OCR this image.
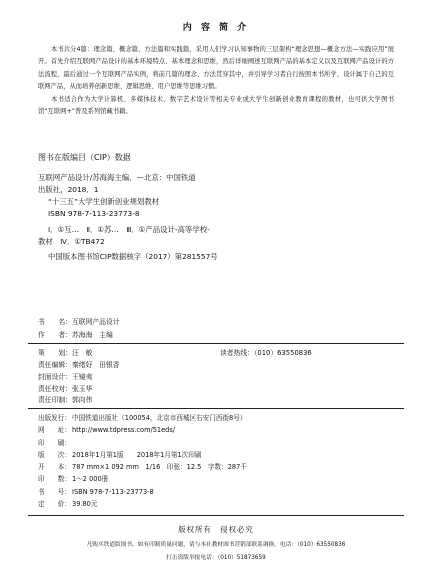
内 容 简 介

本书共分4篇：理念篇、概念篇、方法篇和实践篇，采用人们学习认知事物的三层架构“理念思想—概念方法—实践应用”展开。首先介绍互联网产品设计的基本环境特点、基本理念和思维，然后详细阐述互联网产品的基本定义以及互联网产品设计的方法流程，最后通过一个互联网产品实例，将前几篇的理念、方法贯穿其中，并引导学习者自行按照本书所学，设计属于自己的互联网产品，从而培养创新思维、逻辑思维、用户思维等思维习惯。

本书适合作为大学计算机、多媒体技术、数字艺术设计等相关专业或大学生创新创业教育课程的教材，也可供大学图书馆“互联网+”普及系列馆藏书籍。

图书在版编目（CIP）数据
互联网产品设计/苏海海主编．—北京：中国铁道
出版社，2018．1
“十三五”大学生创新创业规划教材
ISBN 978-7-113-23773-8
Ⅰ．①互…　Ⅱ．①苏…　Ⅲ．①产品设计-高等学校-
教材　Ⅳ．①TB472
中国版本图书馆CIP数据核字（2017）第281557号
书　　名：互联网产品设计
作　　者：苏海海　主编
策　　划：汪　敏	读者热线：（010）63550836
责任编辑：秦绪好　田银香
封面设计：王镜夷
责任校对：张玉华
责任印制：郭向伟
出版发行：中国铁道出版社（100054，北京市西城区右安门西街8号）
网　　址：http://www.tdpress.com/51eds/
印　　刷：
版　　次：2018年1月第1版　　2018年1月第1次印刷
开　　本：787 mm×1 092 mm　1/16　印张：12.5　字数：287千
印　　数：1～2 000册
书　　号：ISBN 978-7-113-23773-8
定　　价：39.80元
版权所有　侵权必究
凡购买铁道版图书，如有印制质量问题，请与本社教材图书营销部联系调换。电话：（010）63550836
打击盗版举报电话：（010）51873659
